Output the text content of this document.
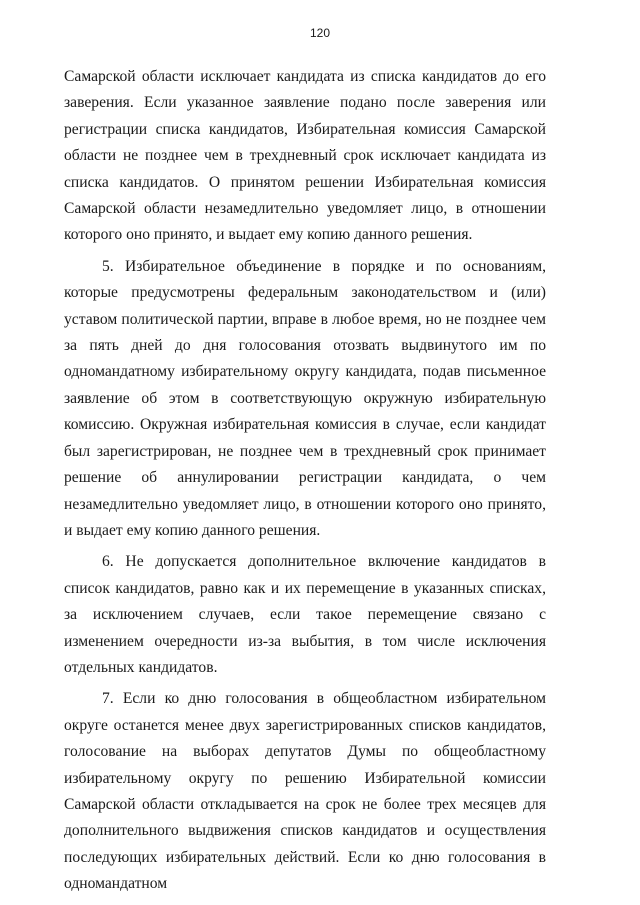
120

Самарской области исключает кандидата из списка кандидатов до его заверения. Если указанное заявление подано после заверения или регистрации списка кандидатов, Избирательная комиссия Самарской области не позднее чем в трехдневный срок исключает кандидата из списка кандидатов. О принятом решении Избирательная комиссия Самарской области незамедлительно уведомляет лицо, в отношении которого оно принято, и выдает ему копию данного решения.

5. Избирательное объединение в порядке и по основаниям, которые предусмотрены федеральным законодательством и (или) уставом политической партии, вправе в любое время, но не позднее чем за пять дней до дня голосования отозвать выдвинутого им по одномандатному избирательному округу кандидата, подав письменное заявление об этом в соответствующую окружную избирательную комиссию. Окружная избирательная комиссия в случае, если кандидат был зарегистрирован, не позднее чем в трехдневный срок принимает решение об аннулировании регистрации кандидата, о чем незамедлительно уведомляет лицо, в отношении которого оно принято, и выдает ему копию данного решения.

6. Не допускается дополнительное включение кандидатов в список кандидатов, равно как и их перемещение в указанных списках, за исключением случаев, если такое перемещение связано с изменением очередности из-за выбытия, в том числе исключения отдельных кандидатов.

7. Если ко дню голосования в общеобластном избирательном округе останется менее двух зарегистрированных списков кандидатов, голосование на выборах депутатов Думы по общеобластному избирательному округу по решению Избирательной комиссии Самарской области откладывается на срок не более трех месяцев для дополнительного выдвижения списков кандидатов и осуществления последующих избирательных действий. Если ко дню голосования в одномандатном
